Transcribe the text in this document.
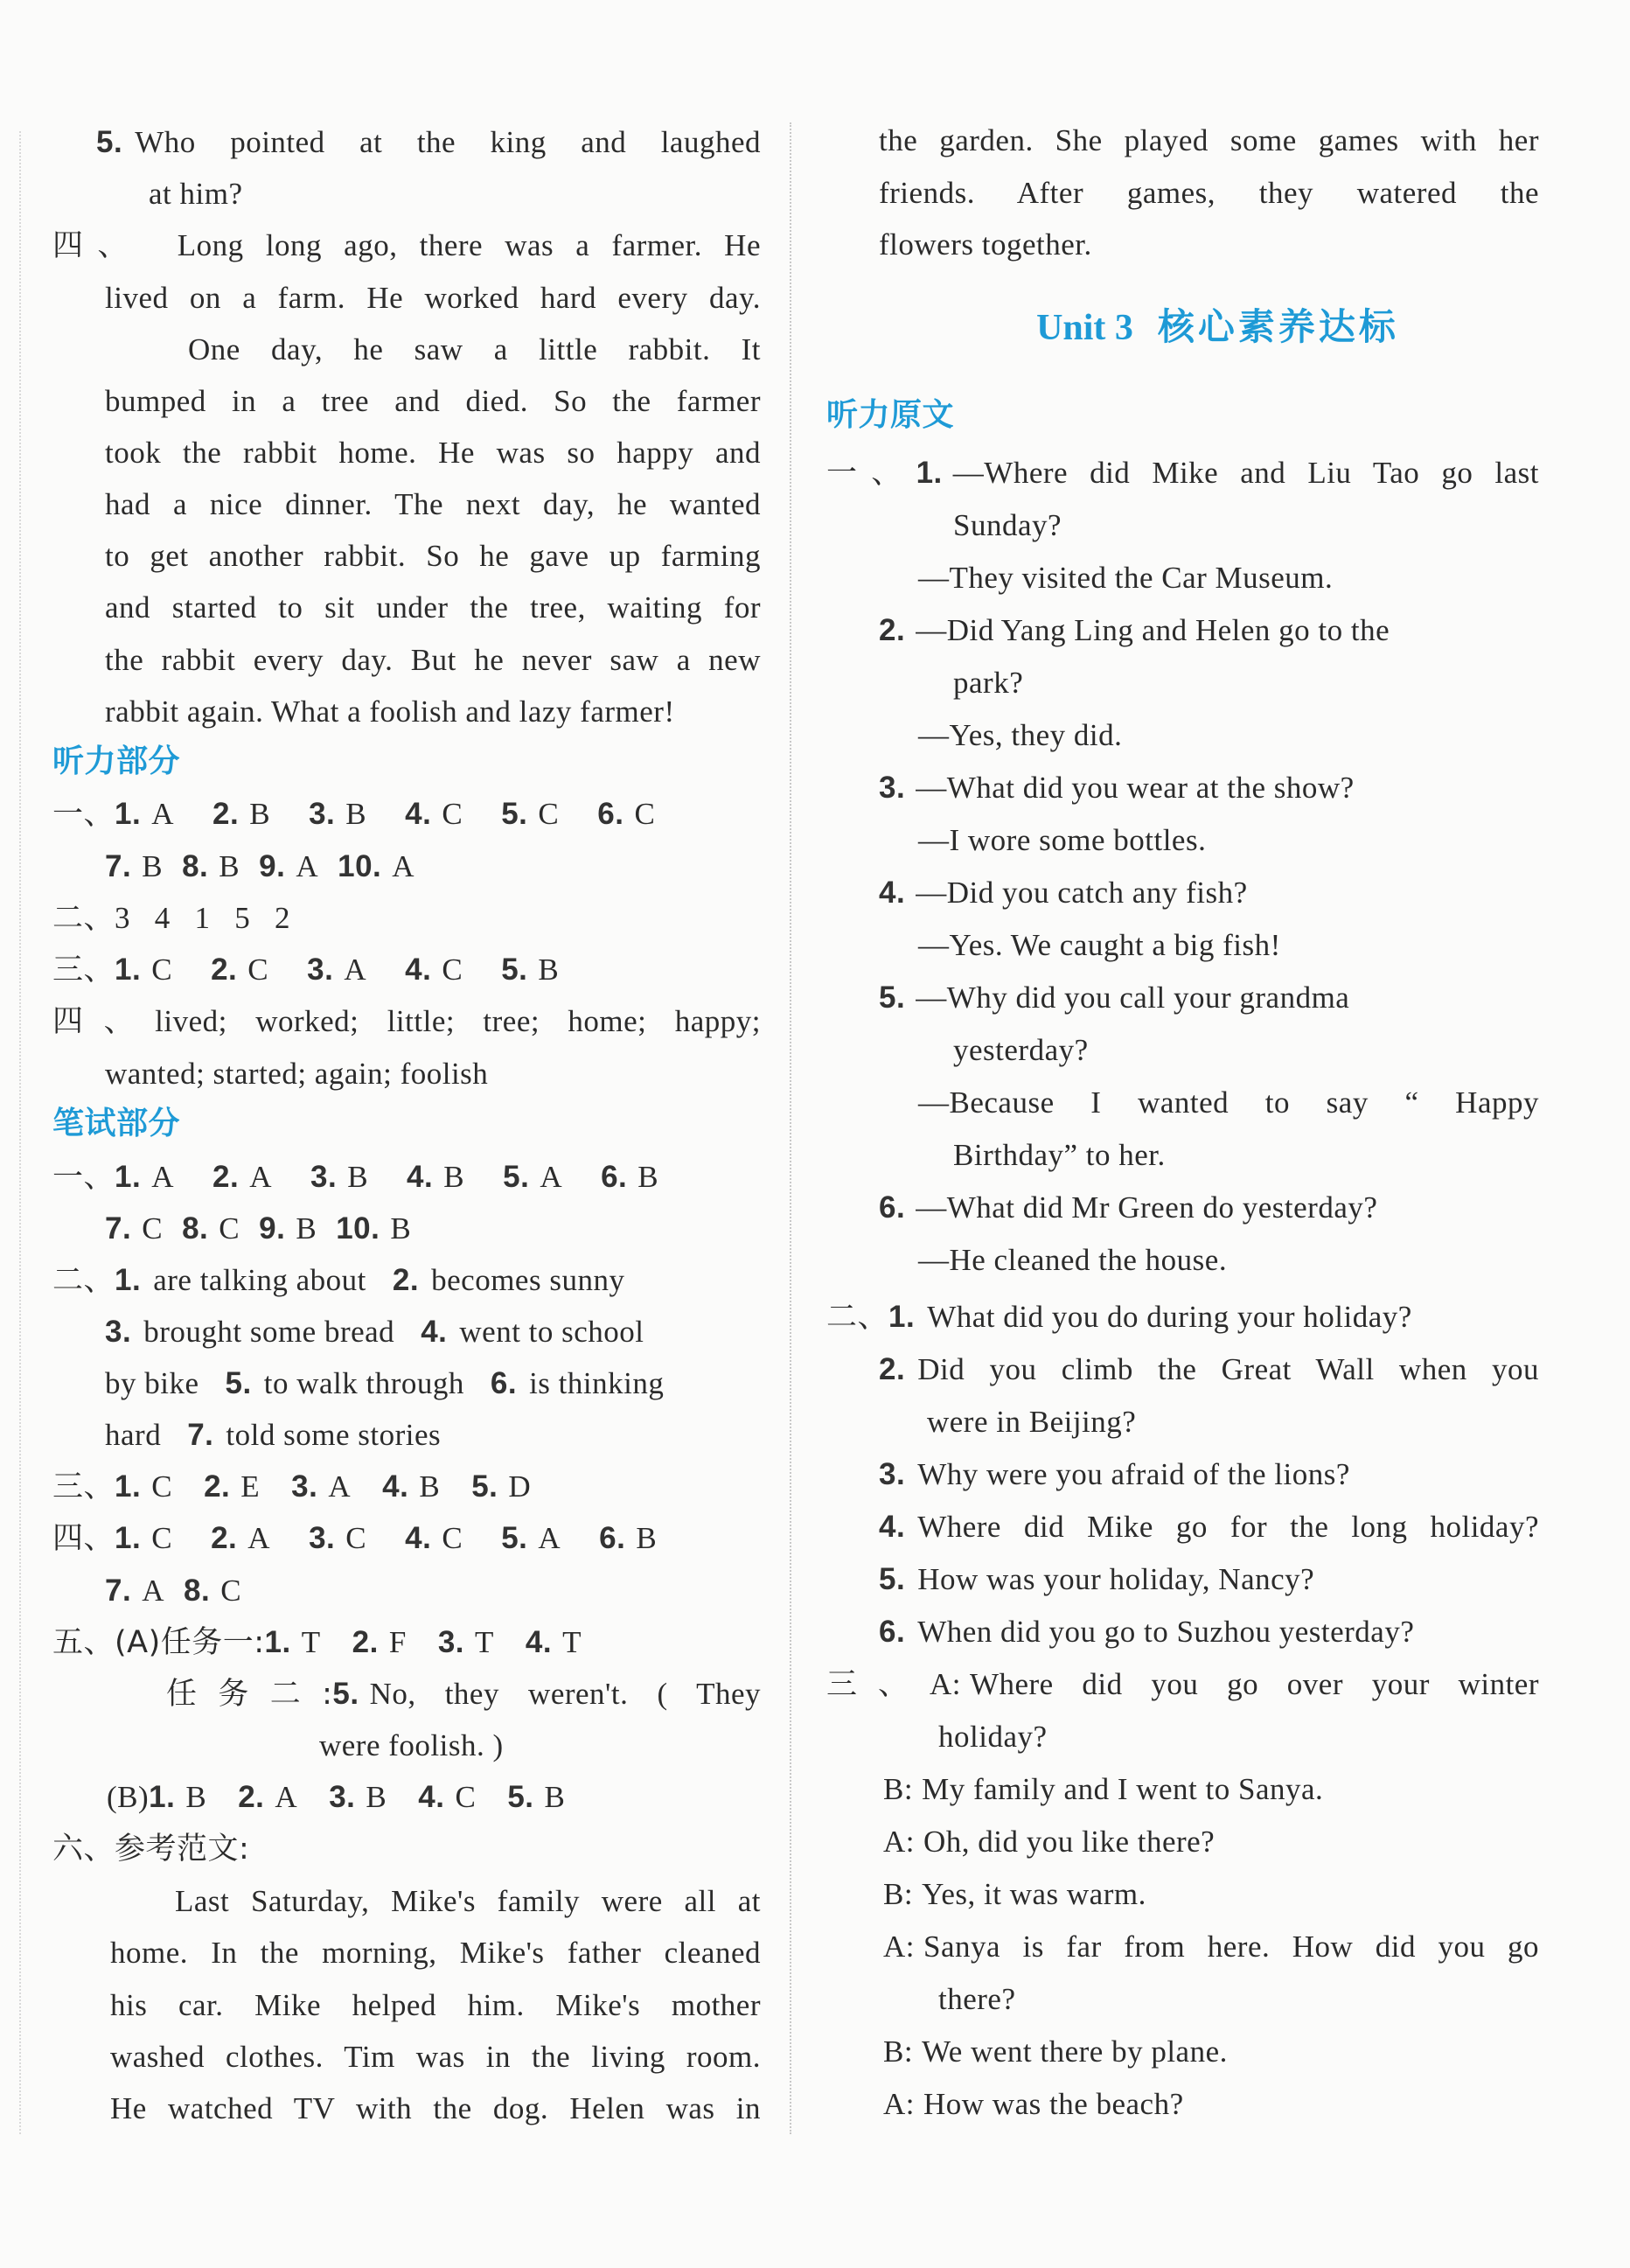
5. Who pointed at the king and laughed
at him?
四、 Long long ago, there was a farmer. He
lived on a farm. He worked hard every day.
One day, he saw a little rabbit. It
bumped in a tree and died. So the farmer
took the rabbit home. He was so happy and
had a nice dinner. The next day, he wanted
to get another rabbit. So he gave up farming
and started to sit under the tree, waiting for
the rabbit every day. But he never saw a new
rabbit again. What a foolish and lazy farmer!
听力部分
一、1. A 2. B 3. B 4. C 5. C 6. C
7. B 8. B 9. A 10. A
二、3   4   1   5   2
三、1. C 2. C 3. A 4. C 5. B
四、lived; worked; little; tree; home; happy;
wanted; started; again; foolish
笔试部分
一、1. A 2. A 3. B 4. B 5. A 6. B
7. C 8. C 9. B 10. B
二、1. are talking about 2. becomes sunny
3. brought some bread 4. went to school
by bike 5. to walk through 6. is thinking
hard 7. told some stories
三、1. C 2. E 3. A 4. B 5. D
四、1. C 2. A 3. C 4. C 5. A 6. B
7. A 8. C
五、(A)任务一:1. T 2. F 3. T 4. T
任务二:5. No, they weren't. ( They
were foolish. )
(B)1. B 2. A 3. B 4. C 5. B
六、参考范文:
Last Saturday, Mike's family were all at
home. In the morning, Mike's father cleaned
his car. Mike helped him. Mike's mother
washed clothes. Tim was in the living room.
He watched TV with the dog. Helen was in
the garden. She played some games with her
friends. After games, they watered the
flowers together.
Unit 3 核心素养达标
听力原文
一、1. —Where did Mike and Liu Tao go last
Sunday?
—They visited the Car Museum.
2. —Did Yang Ling and Helen go to the
park?
—Yes, they did.
3. —What did you wear at the show?
—I wore some bottles.
4. —Did you catch any fish?
—Yes. We caught a big fish!
5. —Why did you call your grandma
yesterday?
—Because I wanted to say “ Happy
Birthday” to her.
6. —What did Mr Green do yesterday?
—He cleaned the house.
二、1. What did you do during your holiday?
2. Did you climb the Great Wall when you
were in Beijing?
3. Why were you afraid of the lions?
4. Where did Mike go for the long holiday?
5. How was your holiday, Nancy?
6. When did you go to Suzhou yesterday?
三、A: Where did you go over your winter
holiday?
B: My family and I went to Sanya.
A: Oh, did you like there?
B: Yes, it was warm.
A: Sanya is far from here. How did you go
there?
B: We went there by plane.
A: How was the beach?
